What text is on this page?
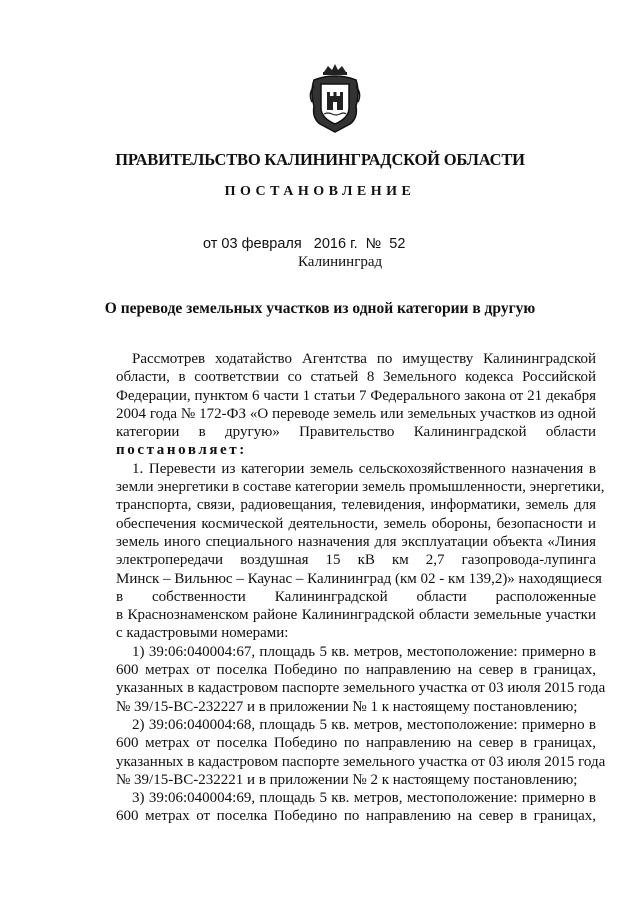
ПРАВИТЕЛЬСТВО КАЛИНИНГРАДСКОЙ ОБЛАСТИ
ПОСТАНОВЛЕНИЕ
от 03 февраля   2016 г.  №  52
Калининград
О переводе земельных участков из одной категории в другую
Рассмотрев ходатайство Агентства по имуществу Калининградской
области, в соответствии со статьей 8 Земельного кодекса Российской
Федерации, пунктом 6 части 1 статьи 7 Федерального закона от 21 декабря
2004 года № 172-ФЗ «О переводе земель или земельных участков из одной
категории в другую» Правительство Калининградской области
постановляет:
1. Перевести из категории земель сельскохозяйственного назначения в
земли энергетики в составе категории земель промышленности, энергетики,
транспорта, связи, радиовещания, телевидения, информатики, земель для
обеспечения космической деятельности, земель обороны, безопасности и
земель иного специального назначения для эксплуатации объекта «Линия
электропередачи воздушная 15 кВ км 2,7 газопровода-лупинга
Минск – Вильнюс – Каунас – Калининград (км 02 - км 139,2)» находящиеся
в собственности Калининградской области расположенные
в Краснознаменском районе Калининградской области земельные участки
с кадастровыми номерами:
1) 39:06:040004:67, площадь 5 кв. метров, местоположение: примерно в
600 метрах от поселка Победино по направлению на север в границах,
указанных в кадастровом паспорте земельного участка от 03 июля 2015 года
№ 39/15-ВС-232227 и в приложении № 1 к настоящему постановлению;
2) 39:06:040004:68, площадь 5 кв. метров, местоположение: примерно в
600 метрах от поселка Победино по направлению на север в границах,
указанных в кадастровом паспорте земельного участка от 03 июля 2015 года
№ 39/15-ВС-232221 и в приложении № 2 к настоящему постановлению;
3) 39:06:040004:69, площадь 5 кв. метров, местоположение: примерно в
600 метрах от поселка Победино по направлению на север в границах,
